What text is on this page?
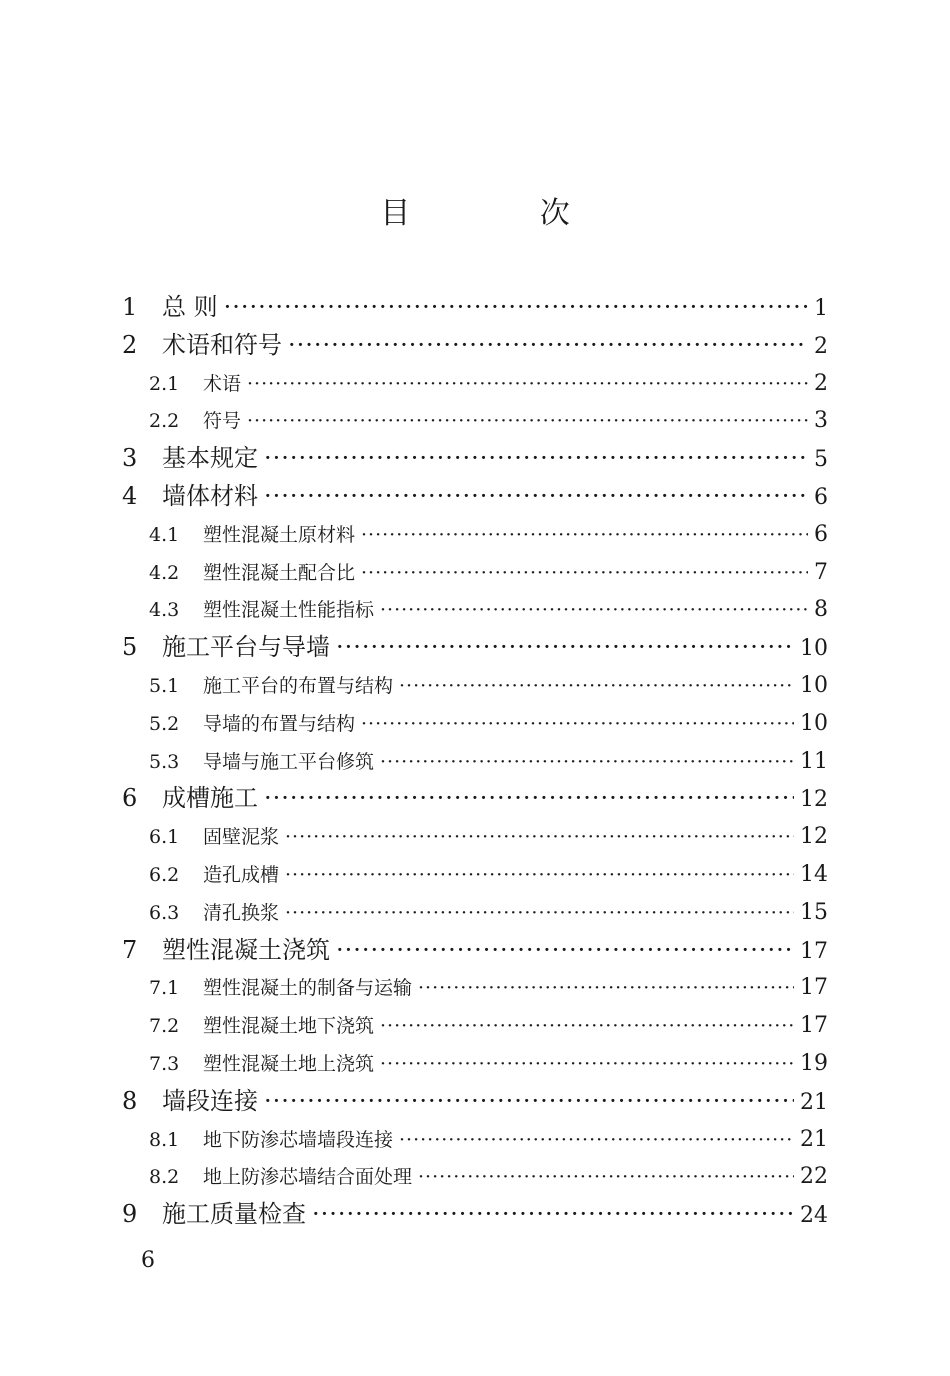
目 次
1	总 则 ·····	1
2	术语和符号 ·····	2
2.1	术语 ·····	2
2.2	符号 ·····	3
3	基本规定 ·····	5
4	墙体材料 ·····	6
4.1	塑性混凝土原材料 ·····	6
4.2	塑性混凝土配合比 ·····	7
4.3	塑性混凝土性能指标 ·····	8
5	施工平台与导墙 ·····	10
5.1	施工平台的布置与结构 ·····	10
5.2	导墙的布置与结构 ·····	10
5.3	导墙与施工平台修筑 ·····	11
6	成槽施工 ·····	12
6.1	固壁泥浆 ·····	12
6.2	造孔成槽 ·····	14
6.3	清孔换浆 ·····	15
7	塑性混凝土浇筑 ·····	17
7.1	塑性混凝土的制备与运输 ·····	17
7.2	塑性混凝土地下浇筑 ·····	17
7.3	塑性混凝土地上浇筑 ·····	19
8	墙段连接 ·····	21
8.1	地下防渗芯墙墙段连接 ·····	21
8.2	地上防渗芯墙结合面处理 ·····	22
9	施工质量检查 ·····	24
6
